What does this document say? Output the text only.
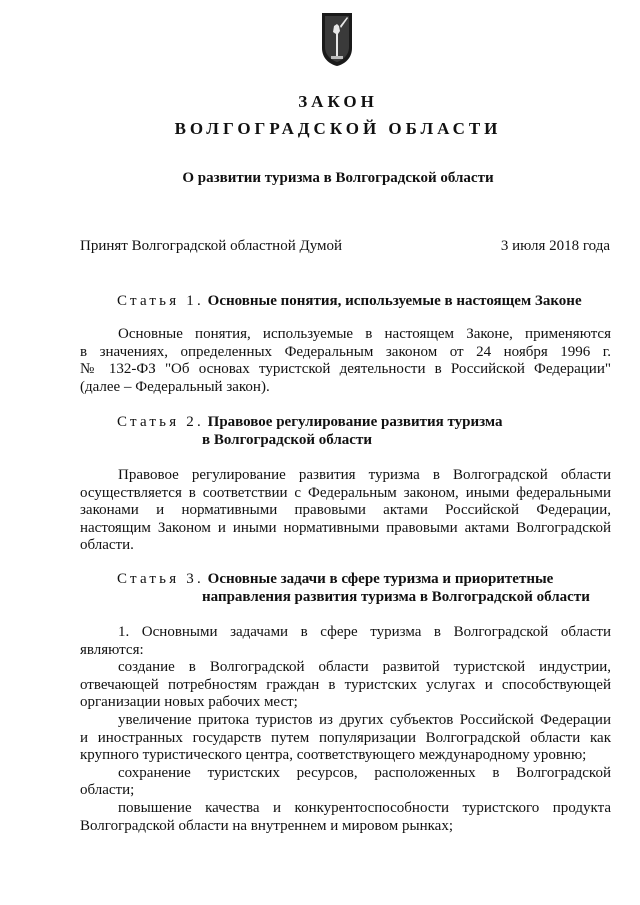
ЗАКОН
ВОЛГОГРАДСКОЙ ОБЛАСТИ
О развитии туризма в Волгоградской области
Принят Волгоградской областной Думой	3 июля 2018 года
Статья 1. Основные понятия, используемые в настоящем Законе
Основные понятия, используемые в настоящем Законе, применяются
в значениях, определенных Федеральным законом от 24 ноября 1996 г.
№ 132-ФЗ "Об основах туристской деятельности в Российской Федерации"
(далее – Федеральный закон).
Статья 2. Правовое регулирование развития туризма
в Волгоградской области
Правовое регулирование развития туризма в Волгоградской области
осуществляется в соответствии с Федеральным законом, иными федеральными
законами и нормативными правовыми актами Российской Федерации,
настоящим Законом и иными нормативными правовыми актами Волгоградской
области.
Статья 3. Основные задачи в сфере туризма и приоритетные
направления развития туризма в Волгоградской области
1. Основными задачами в сфере туризма в Волгоградской области
являются:
создание в Волгоградской области развитой туристской индустрии,
отвечающей потребностям граждан в туристских услугах и способствующей
организации новых рабочих мест;
увеличение притока туристов из других субъектов Российской Федерации
и иностранных государств путем популяризации Волгоградской области как
крупного туристического центра, соответствующего международному уровню;
сохранение туристских ресурсов, расположенных в Волгоградской
области;
повышение качества и конкурентоспособности туристского продукта
Волгоградской области на внутреннем и мировом рынках;
